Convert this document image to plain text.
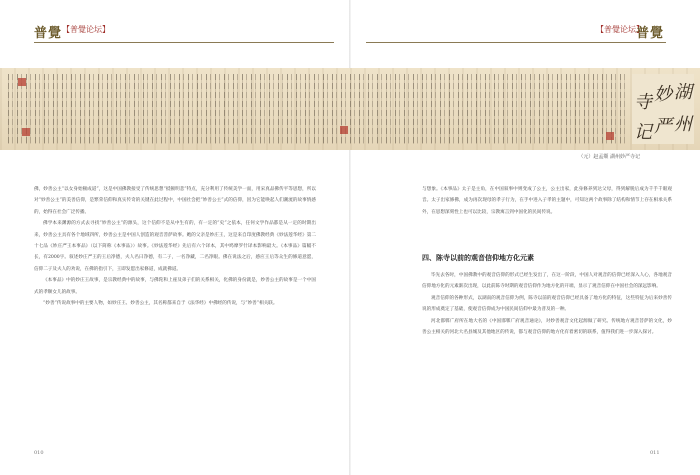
普覺 【普覺论坛】

佛，妙善公主“以女身始顿成道”，这是中国佛教接受了传统思想“抵顿明悲”特点，充分利用了传统美学一面，用宋真品佛传平等思想，所以对“妙善公主”的美善信仰，是繁荣信仰和真实传奇的关键在此过程中，中国社会把“妙善公主”式的信仰，因为它能唤起人们潮流的故事情感的，始得在社会广泛传播。

佛学本来渊源的方式去寻找“妙善公主”的源头，这个信仰不是从中生有的，有一定的“史”之依本，任何文学作品都是从一定的时期出来，妙善公主具有各个地域四所，妙善公主是中国人创造的观音菩萨故事。她的父亲是妙庄王，这是来自印度佛教经典《妙法莲华经》第二十七品《妙庄严王本事品》（以下简称《本事品》）故事。《妙法莲华经》先后有六个译本，其中鸠摩罗什译本影响最大。《本事品》篇幅不长，有2000字。叙述妙庄严王的王后净德，夫人名曰净德，有二子，一名净藏，二名净眼。佛在说法之后，感应王后等众生的修道意愿，信仰二子及夫人的劝说，在佛的指引下，王即发愿出家修道，成就佛道。

《本事品》中的妙庄王故事，是宗教经典中的故事，与佛陀和上座及弟子们的关系相关，化佛的身份就是，妙善公主的故事是一个中国式的孝顺女儿的故事。

“妙善”传说故事中的主要人物，如妙庄王、妙善公主，其名称都来自于《法华经》中佛经的传说，与“妙善”相关联。

010
【普覺论坛】
普覺

与想象。《本事品》太子是主角，在中国叙事中则变成了公主，公主出家，此身修养到达父母，得到解脱后成为千手千眼观音。太子出家修佛，成为再次现母的孝子行为，在手中进入子孝的主题中，可知这两个故事除了结构和情节上存在相承关系外，在思想深刻性上也可以比较，宗教寓言到中国化的民间传说。

四、陈寺以前的观音信仰地方化元素

毕先去各时，中国佛教中的观音信仰的形式已经生发出了，在这一阶段，中国人对观音的信仰已经深入人心，各地观音信仰地方化的元素渐次出现，以此前陈寺时期的观音信仰作为地方化的开端，显示了观音信仰在中国社会的深远影响。

观音信仰的各种形式，以湖南的观音信仰为例，陈寺以前的观音信仰已经具备了地方化的特征，这些特征为后来妙善传说的形成奠定了基础，使观音信仰成为中国民间信仰中最为普及的一种。

河北邯郸广府所在地大名的《中国邯郸广府观音通论》，对妙善观音文化起源做了研究。传统地方观音菩萨的文化，妙善公主相关的河北大名县城及其他地区的传说，都与观音信仰的地方化有着密切的联系，值得我们进一步深入探讨。

011
湖
州
妙
严
寺
记
（元）赵孟頫 湖州妙严寺记
